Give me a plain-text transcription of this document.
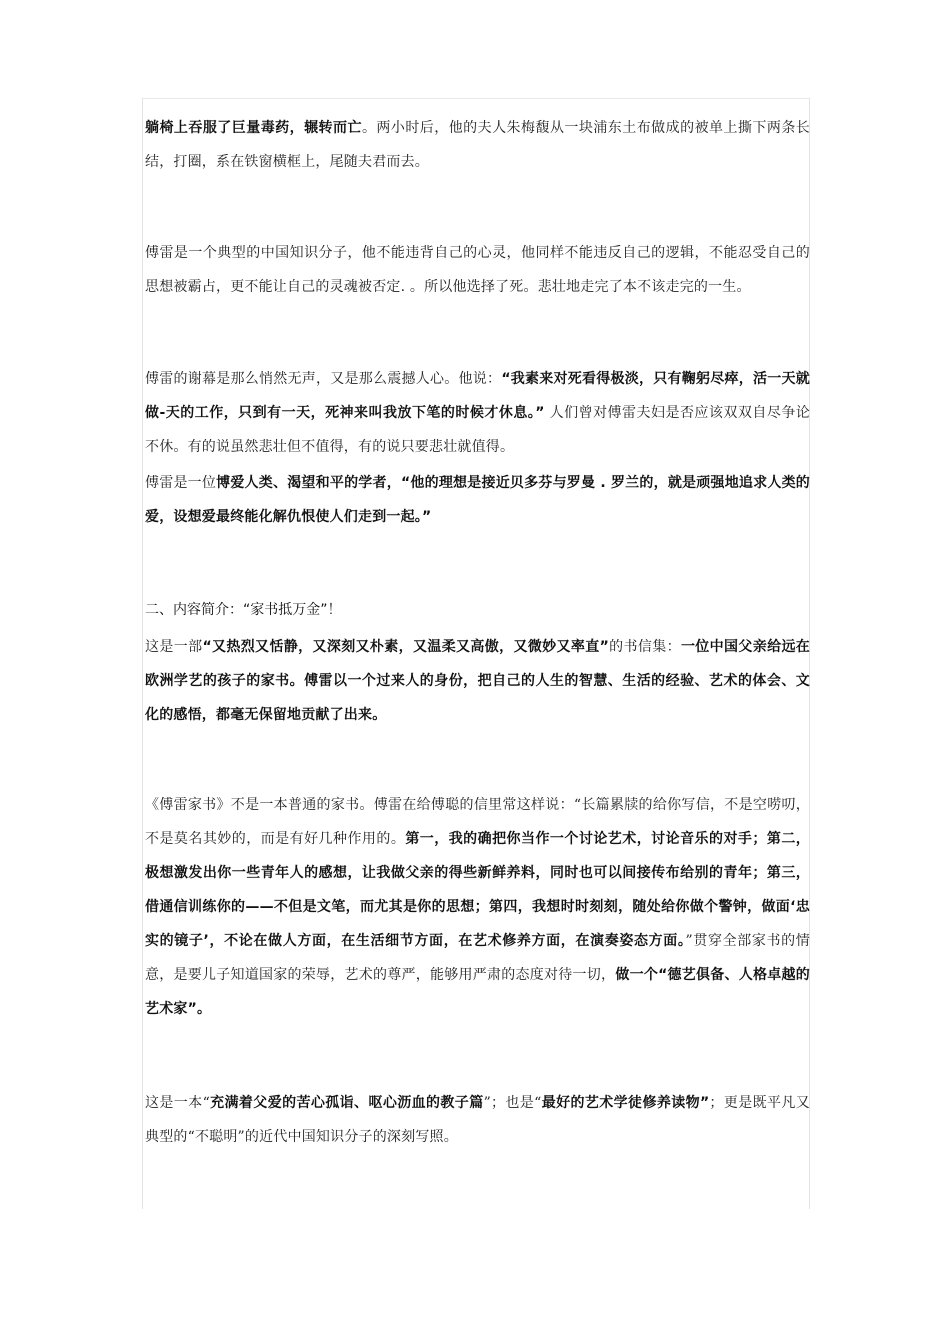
躺椅上吞服了巨量毒药，辗转而亡。两小时后，他的夫人朱梅馥从一块浦东土布做成的被单上撕下两条长结，打圈，系在铁窗横框上，尾随夫君而去。
傅雷是一个典型的中国知识分子，他不能违背自己的心灵，他同样不能违反自己的逻辑，不能忍受自己的思想被霸占，更不能让自己的灵魂被否定. 。所以他选择了死。悲壮地走完了本不该走完的一生。
傅雷的谢幕是那么悄然无声，又是那么震撼人心。他说：“我素来对死看得极淡，只有鞠躬尽瘁，活一天就做-天的工作，只到有一天，死神来叫我放下笔的时候才休息。” 人们曾对傅雷夫妇是否应该双双自尽争论不休。有的说虽然悲壮但不值得，有的说只要悲壮就值得。
傅雷是一位博爱人类、渴望和平的学者，“他的理想是接近贝多芬与罗曼 . 罗兰的，就是顽强地追求人类的爱，设想爱最终能化解仇恨使人们走到一起。”
二、内容简介：“家书抵万金”！
这是一部“又热烈又恬静，又深刻又朴素，又温柔又高傲，又微妙又率直”的书信集：一位中国父亲给远在欧洲学艺的孩子的家书。傅雷以一个过来人的身份，把自己的人生的智慧、生活的经验、艺术的体会、文化的感悟，都毫无保留地贡献了出来。
《傅雷家书》不是一本普通的家书。傅雷在给傅聪的信里常这样说：“长篇累牍的给你写信，不是空唠叨，不是莫名其妙的，而是有好几种作用的。第一，我的确把你当作一个讨论艺术，讨论音乐的对手；第二，极想激发出你一些青年人的感想，让我做父亲的得些新鲜养料，同时也可以间接传布给别的青年；第三，借通信训练你的——不但是文笔，而尤其是你的思想；第四，我想时时刻刻，随处给你做个警钟，做面‘忠实的镜子’，不论在做人方面，在生活细节方面，在艺术修养方面，在演奏姿态方面。”贯穿全部家书的情意，是要儿子知道国家的荣辱，艺术的尊严，能够用严肃的态度对待一切，做一个“德艺俱备、人格卓越的艺术家”。
这是一本“充满着父爱的苦心孤诣、呕心沥血的教子篇”；也是“最好的艺术学徒修养读物”；更是既平凡又典型的“不聪明”的近代中国知识分子的深刻写照。
